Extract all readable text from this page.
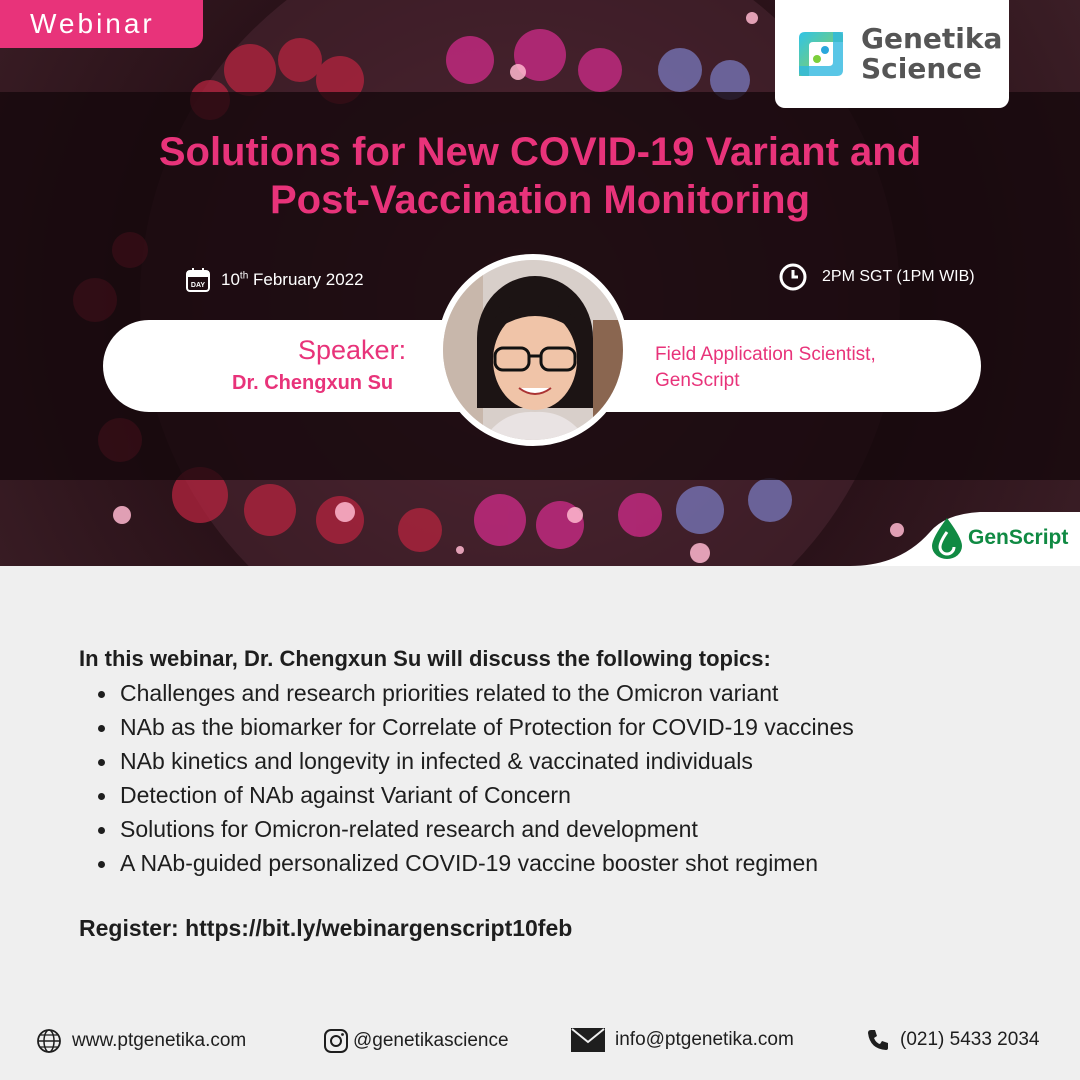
Webinar	Genetika
Science
Solutions for New COVID-19 Variant and
Post-Vaccination Monitoring
DAY 10th February 2022	2PM SGT (1PM WIB)
Speaker:
Dr. Chengxun Su
Field Application Scientist,
GenScript
GenScript
In this webinar, Dr. Chengxun Su will discuss the following topics:
Challenges and research priorities related to the Omicron variant
NAb as the biomarker for Correlate of Protection for COVID-19 vaccines
NAb kinetics and longevity in infected & vaccinated individuals
Detection of NAb against Variant of Concern
Solutions for Omicron-related research and development
A NAb-guided personalized COVID-19 vaccine booster shot regimen
Register: https://bit.ly/webinargenscript10feb
www.ptgenetika.com	@genetikascience	info@ptgenetika.com	(021) 5433 2034
